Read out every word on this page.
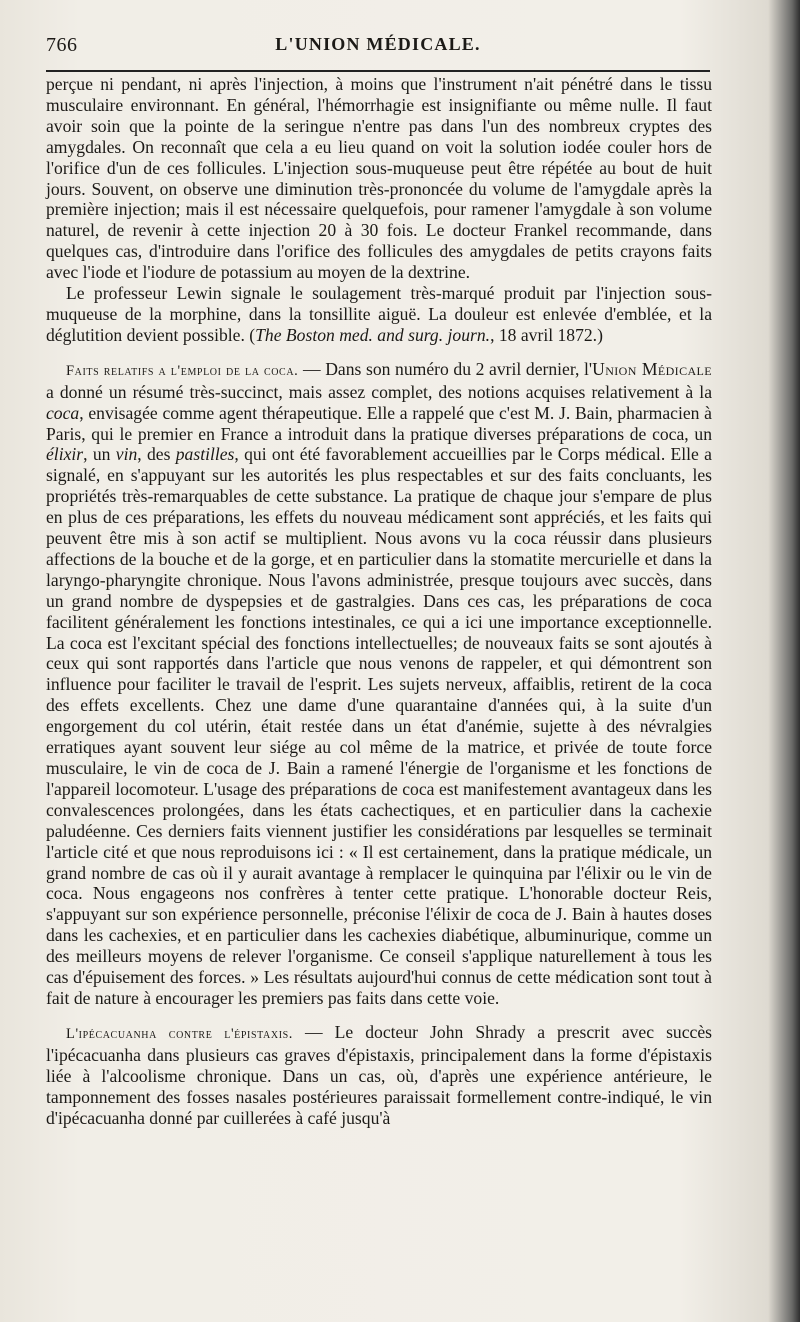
766	L'UNION MÉDICALE.

perçue ni pendant, ni après l'injection, à moins que l'instrument n'ait pénétré dans le tissu musculaire environnant. En général, l'hémorrhagie est insignifiante ou même nulle. Il faut avoir soin que la pointe de la seringue n'entre pas dans l'un des nombreux cryptes des amygdales. On reconnaît que cela a eu lieu quand on voit la solution iodée couler hors de l'orifice d'un de ces follicules. L'injection sous-muqueuse peut être répétée au bout de huit jours. Souvent, on observe une diminution très-prononcée du volume de l'amygdale après la première injection; mais il est nécessaire quelquefois, pour ramener l'amygdale à son volume naturel, de revenir à cette injection 20 à 30 fois. Le docteur Frankel recommande, dans quelques cas, d'introduire dans l'orifice des follicules des amygdales de petits crayons faits avec l'iode et l'iodure de potassium au moyen de la dextrine.

Le professeur Lewin signale le soulagement très-marqué produit par l'injection sous-muqueuse de la morphine, dans la tonsillite aiguë. La douleur est enlevée d'emblée, et la déglutition devient possible. (The Boston med. and surg. journ., 18 avril 1872.)

Faits relatifs a l'emploi de la coca. — Dans son numéro du 2 avril dernier, l'Union Médicale a donné un résumé très-succinct, mais assez complet, des notions acquises relativement à la coca, envisagée comme agent thérapeutique. Elle a rappelé que c'est M. J. Bain, pharmacien à Paris, qui le premier en France a introduit dans la pratique diverses préparations de coca, un élixir, un vin, des pastilles, qui ont été favorablement accueillies par le Corps médical. Elle a signalé, en s'appuyant sur les autorités les plus respectables et sur des faits concluants, les propriétés très-remarquables de cette substance. La pratique de chaque jour s'empare de plus en plus de ces préparations, les effets du nouveau médicament sont appréciés, et les faits qui peuvent être mis à son actif se multiplient. Nous avons vu la coca réussir dans plusieurs affections de la bouche et de la gorge, et en particulier dans la stomatite mercurielle et dans la laryngo-pharyngite chronique. Nous l'avons administrée, presque toujours avec succès, dans un grand nombre de dyspepsies et de gastralgies. Dans ces cas, les préparations de coca facilitent généralement les fonctions intestinales, ce qui a ici une importance exceptionnelle. La coca est l'excitant spécial des fonctions intellectuelles; de nouveaux faits se sont ajoutés à ceux qui sont rapportés dans l'article que nous venons de rappeler, et qui démontrent son influence pour faciliter le travail de l'esprit. Les sujets nerveux, affaiblis, retirent de la coca des effets excellents. Chez une dame d'une quarantaine d'années qui, à la suite d'un engorgement du col utérin, était restée dans un état d'anémie, sujette à des névralgies erratiques ayant souvent leur siége au col même de la matrice, et privée de toute force musculaire, le vin de coca de J. Bain a ramené l'énergie de l'organisme et les fonctions de l'appareil locomoteur. L'usage des préparations de coca est manifestement avantageux dans les convalescences prolongées, dans les états cachectiques, et en particulier dans la cachexie paludéenne. Ces derniers faits viennent justifier les considérations par lesquelles se terminait l'article cité et que nous reproduisons ici : « Il est certainement, dans la pratique médicale, un grand nombre de cas où il y aurait avantage à remplacer le quinquina par l'élixir ou le vin de coca. Nous engageons nos confrères à tenter cette pratique. L'honorable docteur Reis, s'appuyant sur son expérience personnelle, préconise l'élixir de coca de J. Bain à hautes doses dans les cachexies, et en particulier dans les cachexies diabétique, albuminurique, comme un des meilleurs moyens de relever l'organisme. Ce conseil s'applique naturellement à tous les cas d'épuisement des forces. » Les résultats aujourd'hui connus de cette médication sont tout à fait de nature à encourager les premiers pas faits dans cette voie.

L'ipécacuanha contre l'épistaxis. — Le docteur John Shrady a prescrit avec succès l'ipécacuanha dans plusieurs cas graves d'épistaxis, principalement dans la forme d'épistaxis liée à l'alcoolisme chronique. Dans un cas, où, d'après une expérience antérieure, le tamponnement des fosses nasales postérieures paraissait formellement contre-indiqué, le vin d'ipécacuanha donné par cuillerées à café jusqu'à
